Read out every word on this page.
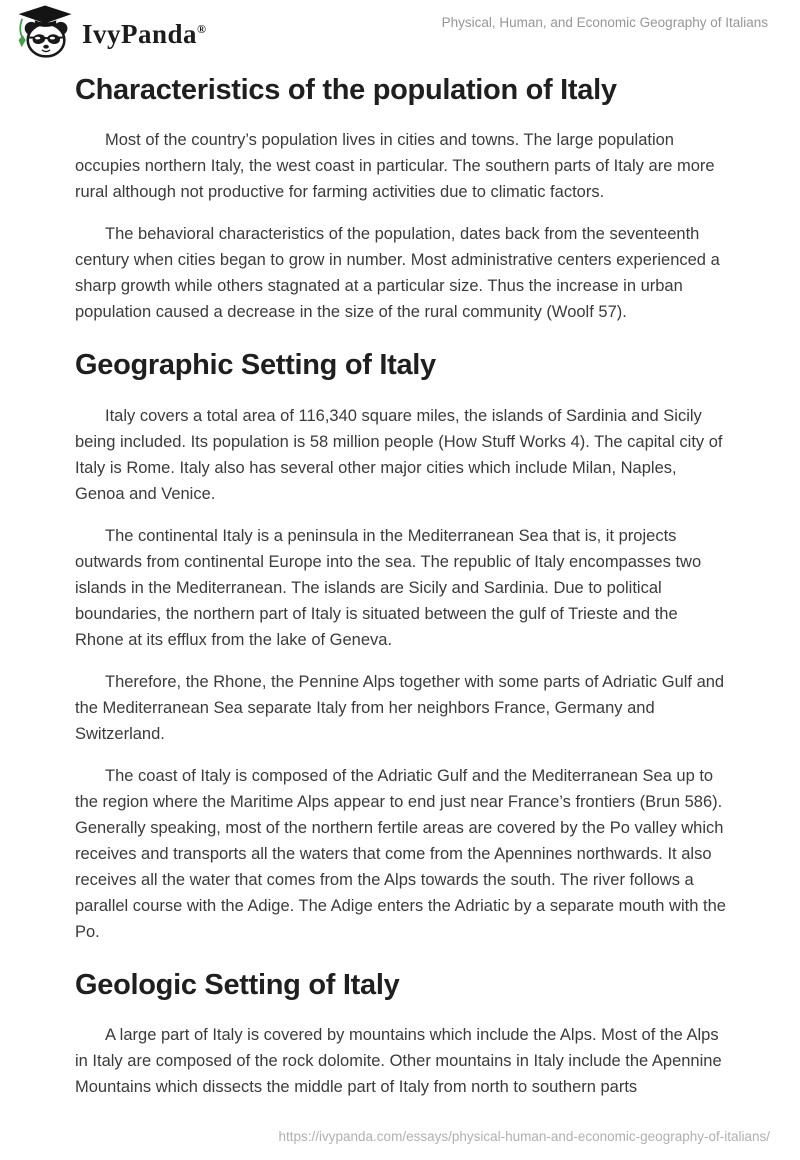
IvyPanda®	Physical, Human, and Economic Geography of Italians
Characteristics of the population of Italy

Most of the country’s population lives in cities and towns. The large population occupies northern Italy, the west coast in particular. The southern parts of Italy are more rural although not productive for farming activities due to climatic factors.

The behavioral characteristics of the population, dates back from the seventeenth century when cities began to grow in number. Most administrative centers experienced a sharp growth while others stagnated at a particular size. Thus the increase in urban population caused a decrease in the size of the rural community (Woolf 57).

Geographic Setting of Italy

Italy covers a total area of 116,340 square miles, the islands of Sardinia and Sicily being included. Its population is 58 million people (How Stuff Works 4). The capital city of Italy is Rome. Italy also has several other major cities which include Milan, Naples, Genoa and Venice.

The continental Italy is a peninsula in the Mediterranean Sea that is, it projects outwards from continental Europe into the sea. The republic of Italy encompasses two islands in the Mediterranean. The islands are Sicily and Sardinia. Due to political boundaries, the northern part of Italy is situated between the gulf of Trieste and the Rhone at its efflux from the lake of Geneva.

Therefore, the Rhone, the Pennine Alps together with some parts of Adriatic Gulf and the Mediterranean Sea separate Italy from her neighbors France, Germany and Switzerland.

The coast of Italy is composed of the Adriatic Gulf and the Mediterranean Sea up to the region where the Maritime Alps appear to end just near France’s frontiers (Brun 586). Generally speaking, most of the northern fertile areas are covered by the Po valley which receives and transports all the waters that come from the Apennines northwards. It also receives all the water that comes from the Alps towards the south. The river follows a parallel course with the Adige. The Adige enters the Adriatic by a separate mouth with the Po.

Geologic Setting of Italy

A large part of Italy is covered by mountains which include the Alps. Most of the Alps in Italy are composed of the rock dolomite. Other mountains in Italy include the Apennine Mountains which dissects the middle part of Italy from north to southern parts

https://ivypanda.com/essays/physical-human-and-economic-geography-of-italians/
